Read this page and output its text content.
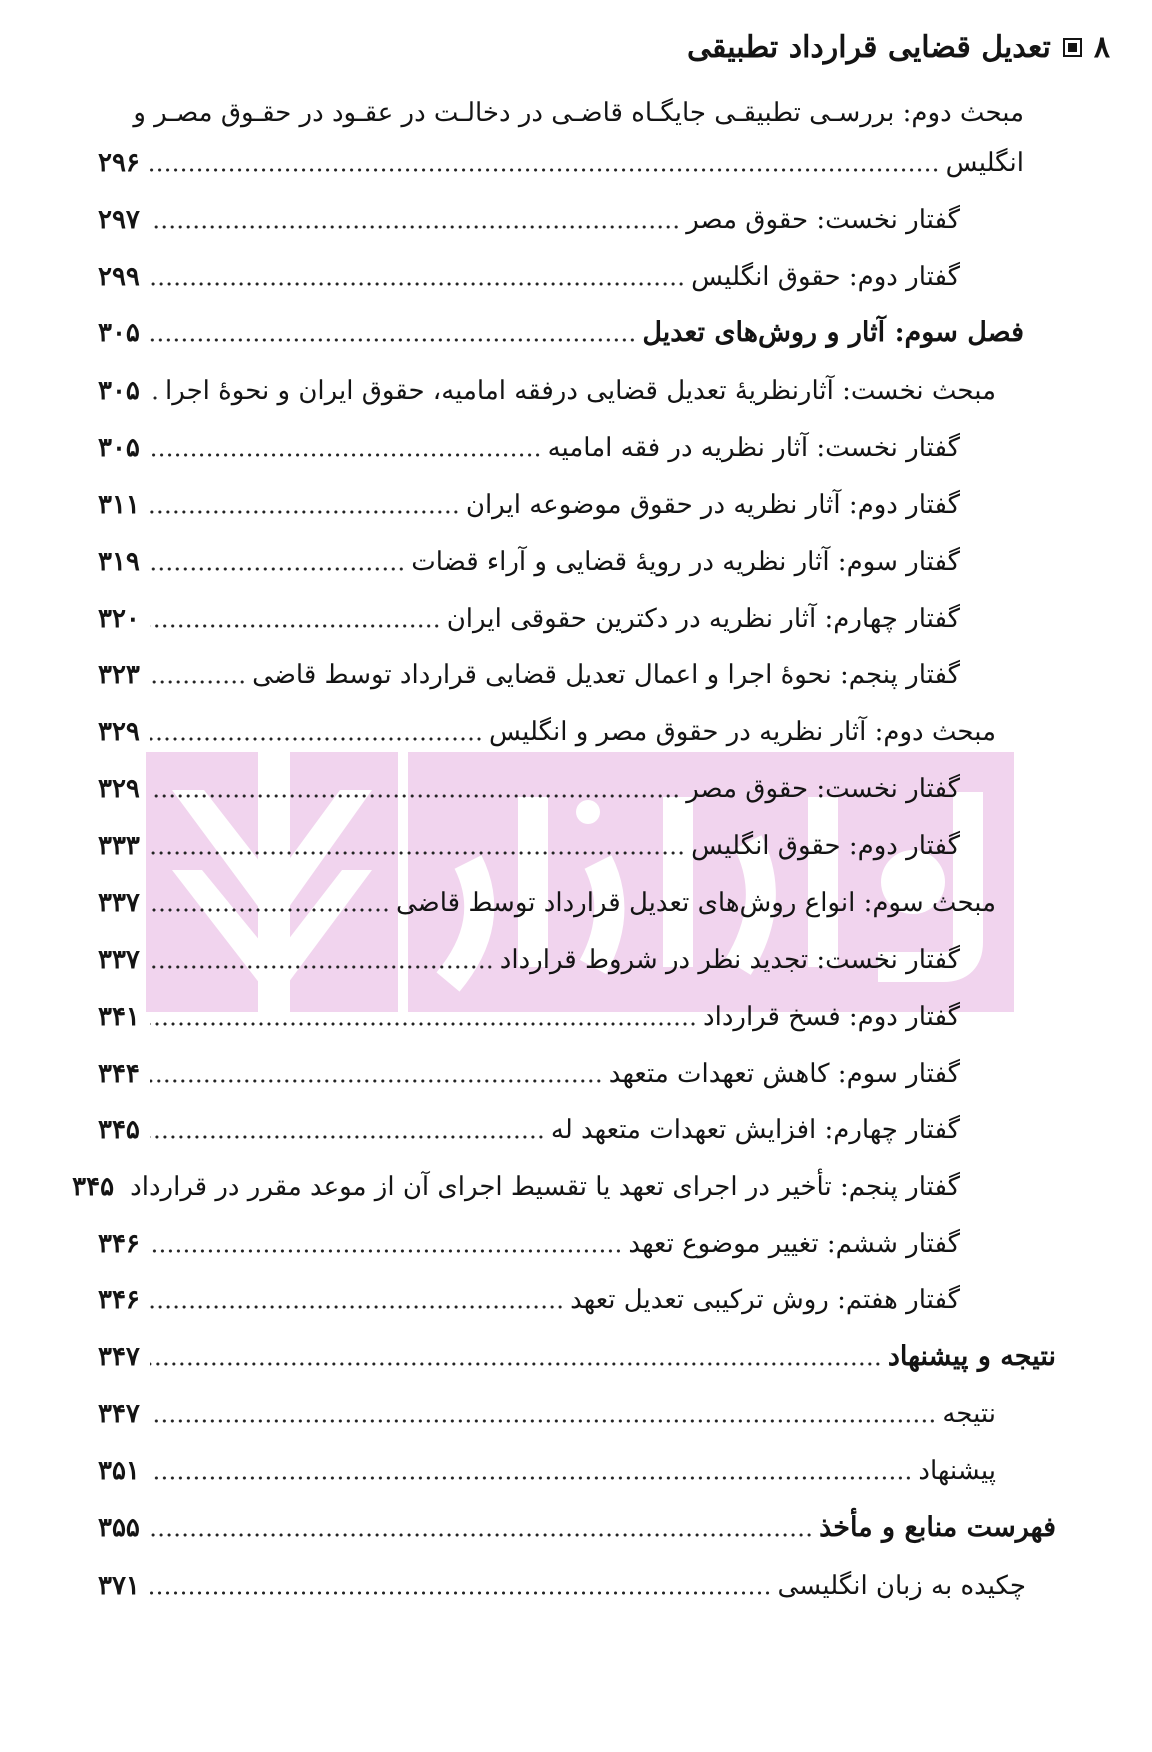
۸
تعدیل قضایی قرارداد تطبیقی
مبحث دوم: بررسـی تطبیقـی جایگـاه قاضـی در دخالـت در عقـود در حقـوق مصـر و
انگلیس
۲۹۶
گفتار نخست: حقوق مصر
۲۹۷
گفتار دوم: حقوق انگلیس
۲۹۹
فصل سوم: آثار و روش‌های تعدیل
۳۰۵
مبحث نخست: آثارنظریهٔ تعدیل قضایی درفقه امامیه، حقوق ایران و نحوهٔ اجرا
۳۰۵
گفتار نخست: آثار نظریه در فقه امامیه
۳۰۵
گفتار دوم: آثار نظریه در حقوق موضوعه ایران
۳۱۱
گفتار سوم: آثار نظریه در رویهٔ قضایی و آراء قضات
۳۱۹
گفتار چهارم: آثار نظریه در دکترین حقوقی ایران
۳۲۰
گفتار پنجم: نحوهٔ اجرا و اعمال تعدیل قضایی قرارداد توسط قاضی
۳۲۳
مبحث دوم: آثار نظریه در حقوق مصر و انگلیس
۳۲۹
گفتار نخست: حقوق مصر
۳۲۹
گفتار دوم: حقوق انگلیس
۳۳۳
مبحث سوم: انواع روش‌های تعدیل قرارداد توسط قاضی
۳۳۷
گفتار نخست: تجدید نظر در شروط قرارداد
۳۳۷
گفتار دوم: فسخ قرارداد
۳۴۱
گفتار سوم: کاهش تعهدات متعهد
۳۴۴
گفتار چهارم: افزایش تعهدات متعهد له
۳۴۵
گفتار پنجم: تأخیر در اجرای تعهد یا تقسیط اجرای آن از موعد مقرر در قرارداد
۳۴۵
گفتار ششم: تغییر موضوع تعهد
۳۴۶
گفتار هفتم: روش ترکیبی تعدیل تعهد
۳۴۶
نتیجه و پیشنهاد
۳۴۷
نتیجه
۳۴۷
پیشنهاد
۳۵۱
فهرست منابع و مأخذ
۳۵۵
چکیده به زبان انگلیسی
۳۷۱
